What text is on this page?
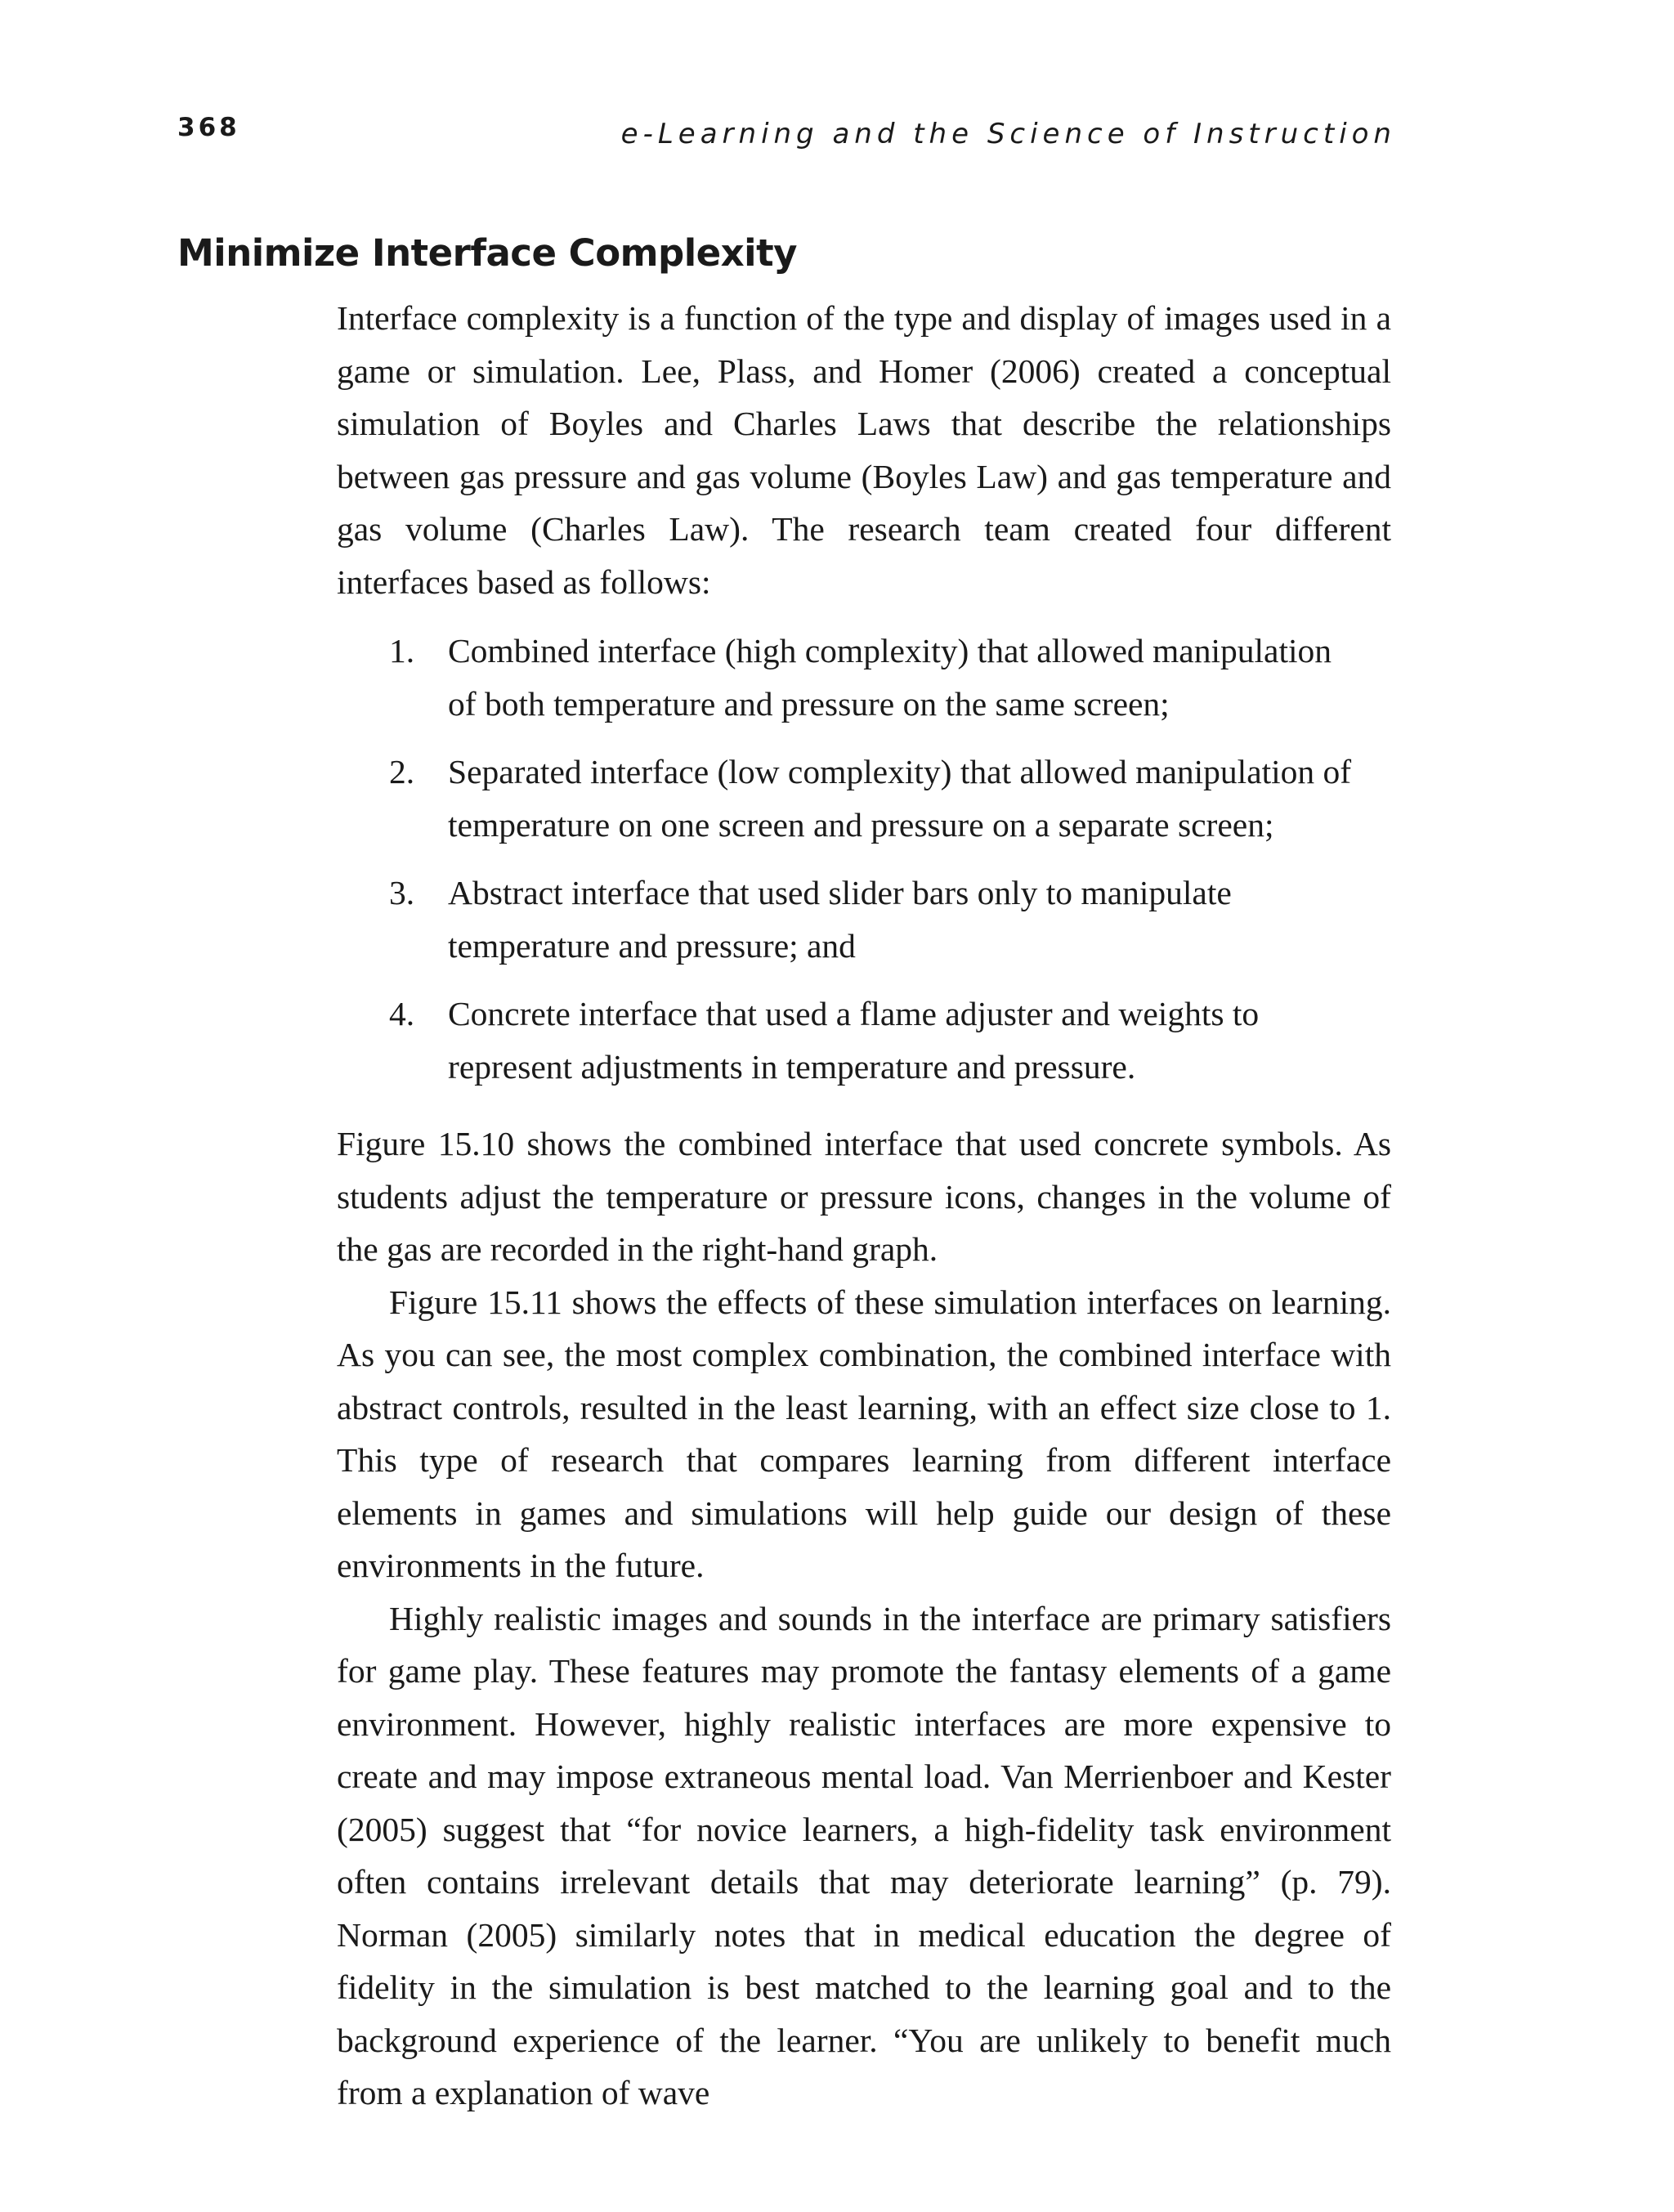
368	e-Learning and the Science of Instruction
Minimize Interface Complexity

Interface complexity is a function of the type and display of images used in a game or simulation. Lee, Plass, and Homer (2006) created a conceptual simulation of Boyles and Charles Laws that describe the relationships between gas pressure and gas volume (Boyles Law) and gas temperature and gas volume (Charles Law). The research team created four different interfaces based as follows:

1. Combined interface (high complexity) that allowed manipulation of both temperature and pressure on the same screen;
2. Separated interface (low complexity) that allowed manipulation of temperature on one screen and pressure on a separate screen;
3. Abstract interface that used slider bars only to manipulate temperature and pressure; and
4. Concrete interface that used a flame adjuster and weights to represent adjustments in temperature and pressure.

Figure 15.10 shows the combined interface that used concrete symbols. As students adjust the temperature or pressure icons, changes in the volume of the gas are recorded in the right-hand graph.

Figure 15.11 shows the effects of these simulation interfaces on learning. As you can see, the most complex combination, the combined interface with abstract controls, resulted in the least learning, with an effect size close to 1. This type of research that compares learning from different interface elements in games and simulations will help guide our design of these environments in the future.

Highly realistic images and sounds in the interface are primary satisfiers for game play. These features may promote the fantasy elements of a game environment. However, highly realistic interfaces are more expensive to create and may impose extraneous mental load. Van Merrienboer and Kester (2005) suggest that “for novice learners, a high-fidelity task environment often contains irrelevant details that may deteriorate learning” (p. 79). Norman (2005) similarly notes that in medical education the degree of fidelity in the simulation is best matched to the learning goal and to the background experience of the learner. “You are unlikely to benefit much from a explanation of wave
